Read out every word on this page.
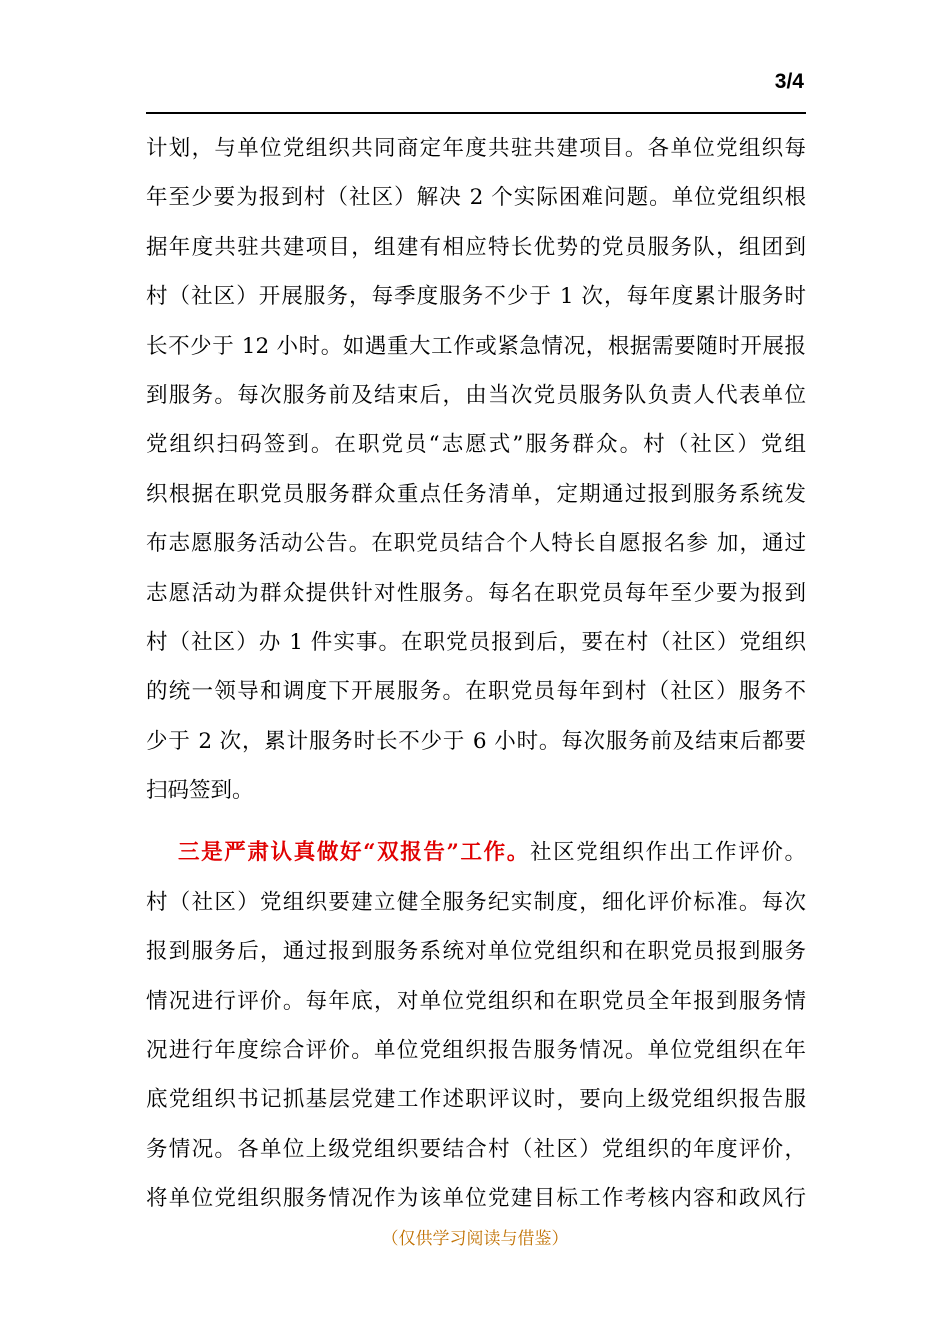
3/4
计划，与单位党组织共同商定年度共驻共建项目。各单位党组织每
年至少要为报到村（社区）解决 2 个实际困难问题。单位党组织根
据年度共驻共建项目，组建有相应特长优势的党员服务队，组团到
村（社区）开展服务，每季度服务不少于 1 次，每年度累计服务时
长不少于 12 小时。如遇重大工作或紧急情况，根据需要随时开展报
到服务。每次服务前及结束后，由当次党员服务队负责人代表单位
党组织扫码签到。在职党员“志愿式”服务群众。村（社区）党组
织根据在职党员服务群众重点任务清单，定期通过报到服务系统发
布志愿服务活动公告。在职党员结合个人特长自愿报名参 加，通过
志愿活动为群众提供针对性服务。每名在职党员每年至少要为报到
村（社区）办 1 件实事。在职党员报到后，要在村（社区）党组织
的统一领导和调度下开展服务。在职党员每年到村（社区）服务不
少于 2 次，累计服务时长不少于 6 小时。每次服务前及结束后都要
扫码签到。
三是严肃认真做好“双报告”工作。社区党组织作出工作评价。
村（社区）党组织要建立健全服务纪实制度，细化评价标准。每次
报到服务后，通过报到服务系统对单位党组织和在职党员报到服务
情况进行评价。每年底，对单位党组织和在职党员全年报到服务情
况进行年度综合评价。单位党组织报告服务情况。单位党组织在年
底党组织书记抓基层党建工作述职评议时，要向上级党组织报告服
务情况。各单位上级党组织要结合村（社区）党组织的年度评价，
将单位党组织服务情况作为该单位党建目标工作考核内容和政风行
（仅供学习阅读与借鉴）
